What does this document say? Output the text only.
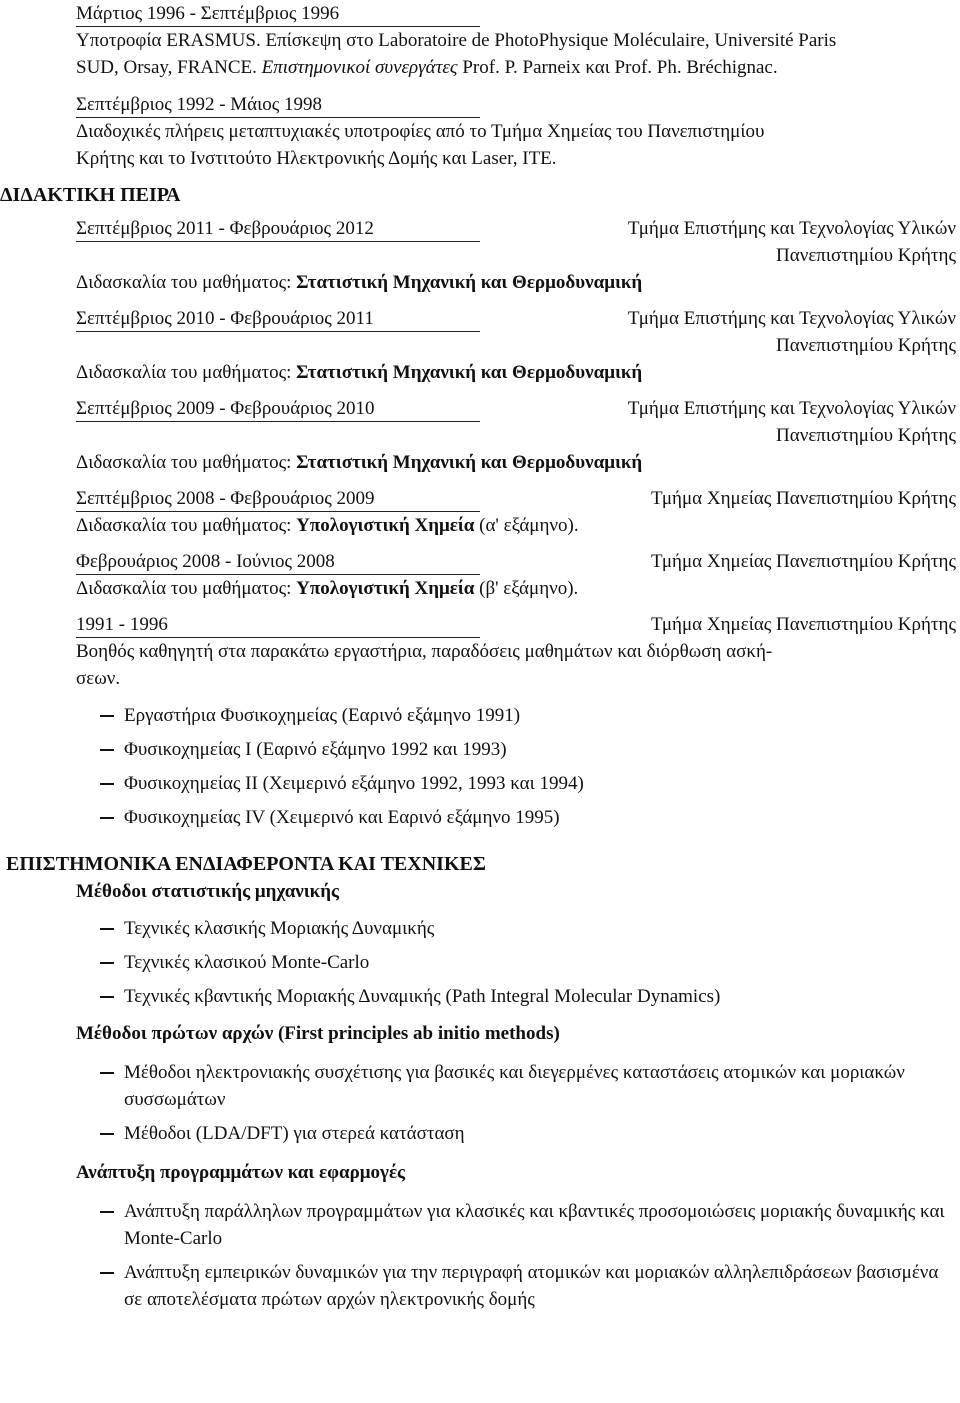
Μάρτιος 1996 - Σεπτέμβριος 1996
Υποτροφία ERASMUS. Επίσκεψη στο Laboratoire de PhotoPhysique Moléculaire, Université Paris
SUD, Orsay, FRANCE. Επιστημονικοί συνεργάτες Prof. P. Parneix και Prof. Ph. Bréchignac.
Σεπτέμβριος 1992 - Μάιος 1998
Διαδοχικές πλήρεις μεταπτυχιακές υποτροφίες από το Τμήμα Χημείας του Πανεπιστημίου
Κρήτης και το Ινστιτούτο Ηλεκτρονικής Δομής και Laser, ΙΤΕ.
ΔΙΔΑΚΤΙΚΗ ΠΕΙΡΑ
Σεπτέμβριος 2011 - Φεβρουάριος 2012	Τμήμα Επιστήμης και Τεχνολογίας Υλικών
Πανεπιστημίου Κρήτης
Διδασκαλία του μαθήματος: Στατιστική Μηχανική και Θερμοδυναμική
Σεπτέμβριος 2010 - Φεβρουάριος 2011	Τμήμα Επιστήμης και Τεχνολογίας Υλικών
Πανεπιστημίου Κρήτης
Διδασκαλία του μαθήματος: Στατιστική Μηχανική και Θερμοδυναμική
Σεπτέμβριος 2009 - Φεβρουάριος 2010	Τμήμα Επιστήμης και Τεχνολογίας Υλικών
Πανεπιστημίου Κρήτης
Διδασκαλία του μαθήματος: Στατιστική Μηχανική και Θερμοδυναμική
Σεπτέμβριος 2008 - Φεβρουάριος 2009	Τμήμα Χημείας Πανεπιστημίου Κρήτης
Διδασκαλία του μαθήματος: Υπολογιστική Χημεία (α' εξάμηνο).
Φεβρουάριος 2008 - Ιούνιος 2008	Τμήμα Χημείας Πανεπιστημίου Κρήτης
Διδασκαλία του μαθήματος: Υπολογιστική Χημεία (β' εξάμηνο).
1991 - 1996	Τμήμα Χημείας Πανεπιστημίου Κρήτης
Βοηθός καθηγητή στα παρακάτω εργαστήρια, παραδόσεις μαθημάτων και διόρθωση ασκή-
σεων.
Εργαστήρια Φυσικοχημείας (Εαρινό εξάμηνο 1991)
Φυσικοχημείας I (Εαρινό εξάμηνο 1992 και 1993)
Φυσικοχημείας II (Χειμερινό εξάμηνο 1992, 1993 και 1994)
Φυσικοχημείας IV (Χειμερινό και Εαρινό εξάμηνο 1995)
ΕΠΙΣΤΗΜΟΝΙΚΑ ΕΝΔΙΑΦΕΡΟΝΤΑ ΚΑΙ ΤΕΧΝΙΚΕΣ
Μέθοδοι στατιστικής μηχανικής
Τεχνικές κλασικής Μοριακής Δυναμικής
Τεχνικές κλασικού Monte-Carlo
Τεχνικές κβαντικής Μοριακής Δυναμικής (Path Integral Molecular Dynamics)
Μέθοδοι πρώτων αρχών (First principles ab initio methods)
Μέθοδοι ηλεκτρονιακής συσχέτισης για βασικές και διεγερμένες καταστάσεις ατομικών και μοριακών συσσωμάτων
Μέθοδοι (LDA/DFT) για στερεά κατάσταση
Ανάπτυξη προγραμμάτων και εφαρμογές
Ανάπτυξη παράλληλων προγραμμάτων για κλασικές και κβαντικές προσομοιώσεις μοριακής δυναμικής και Monte-Carlo
Ανάπτυξη εμπειρικών δυναμικών για την περιγραφή ατομικών και μοριακών αλληλεπιδράσεων βασισμένα σε αποτελέσματα πρώτων αρχών ηλεκτρονικής δομής
